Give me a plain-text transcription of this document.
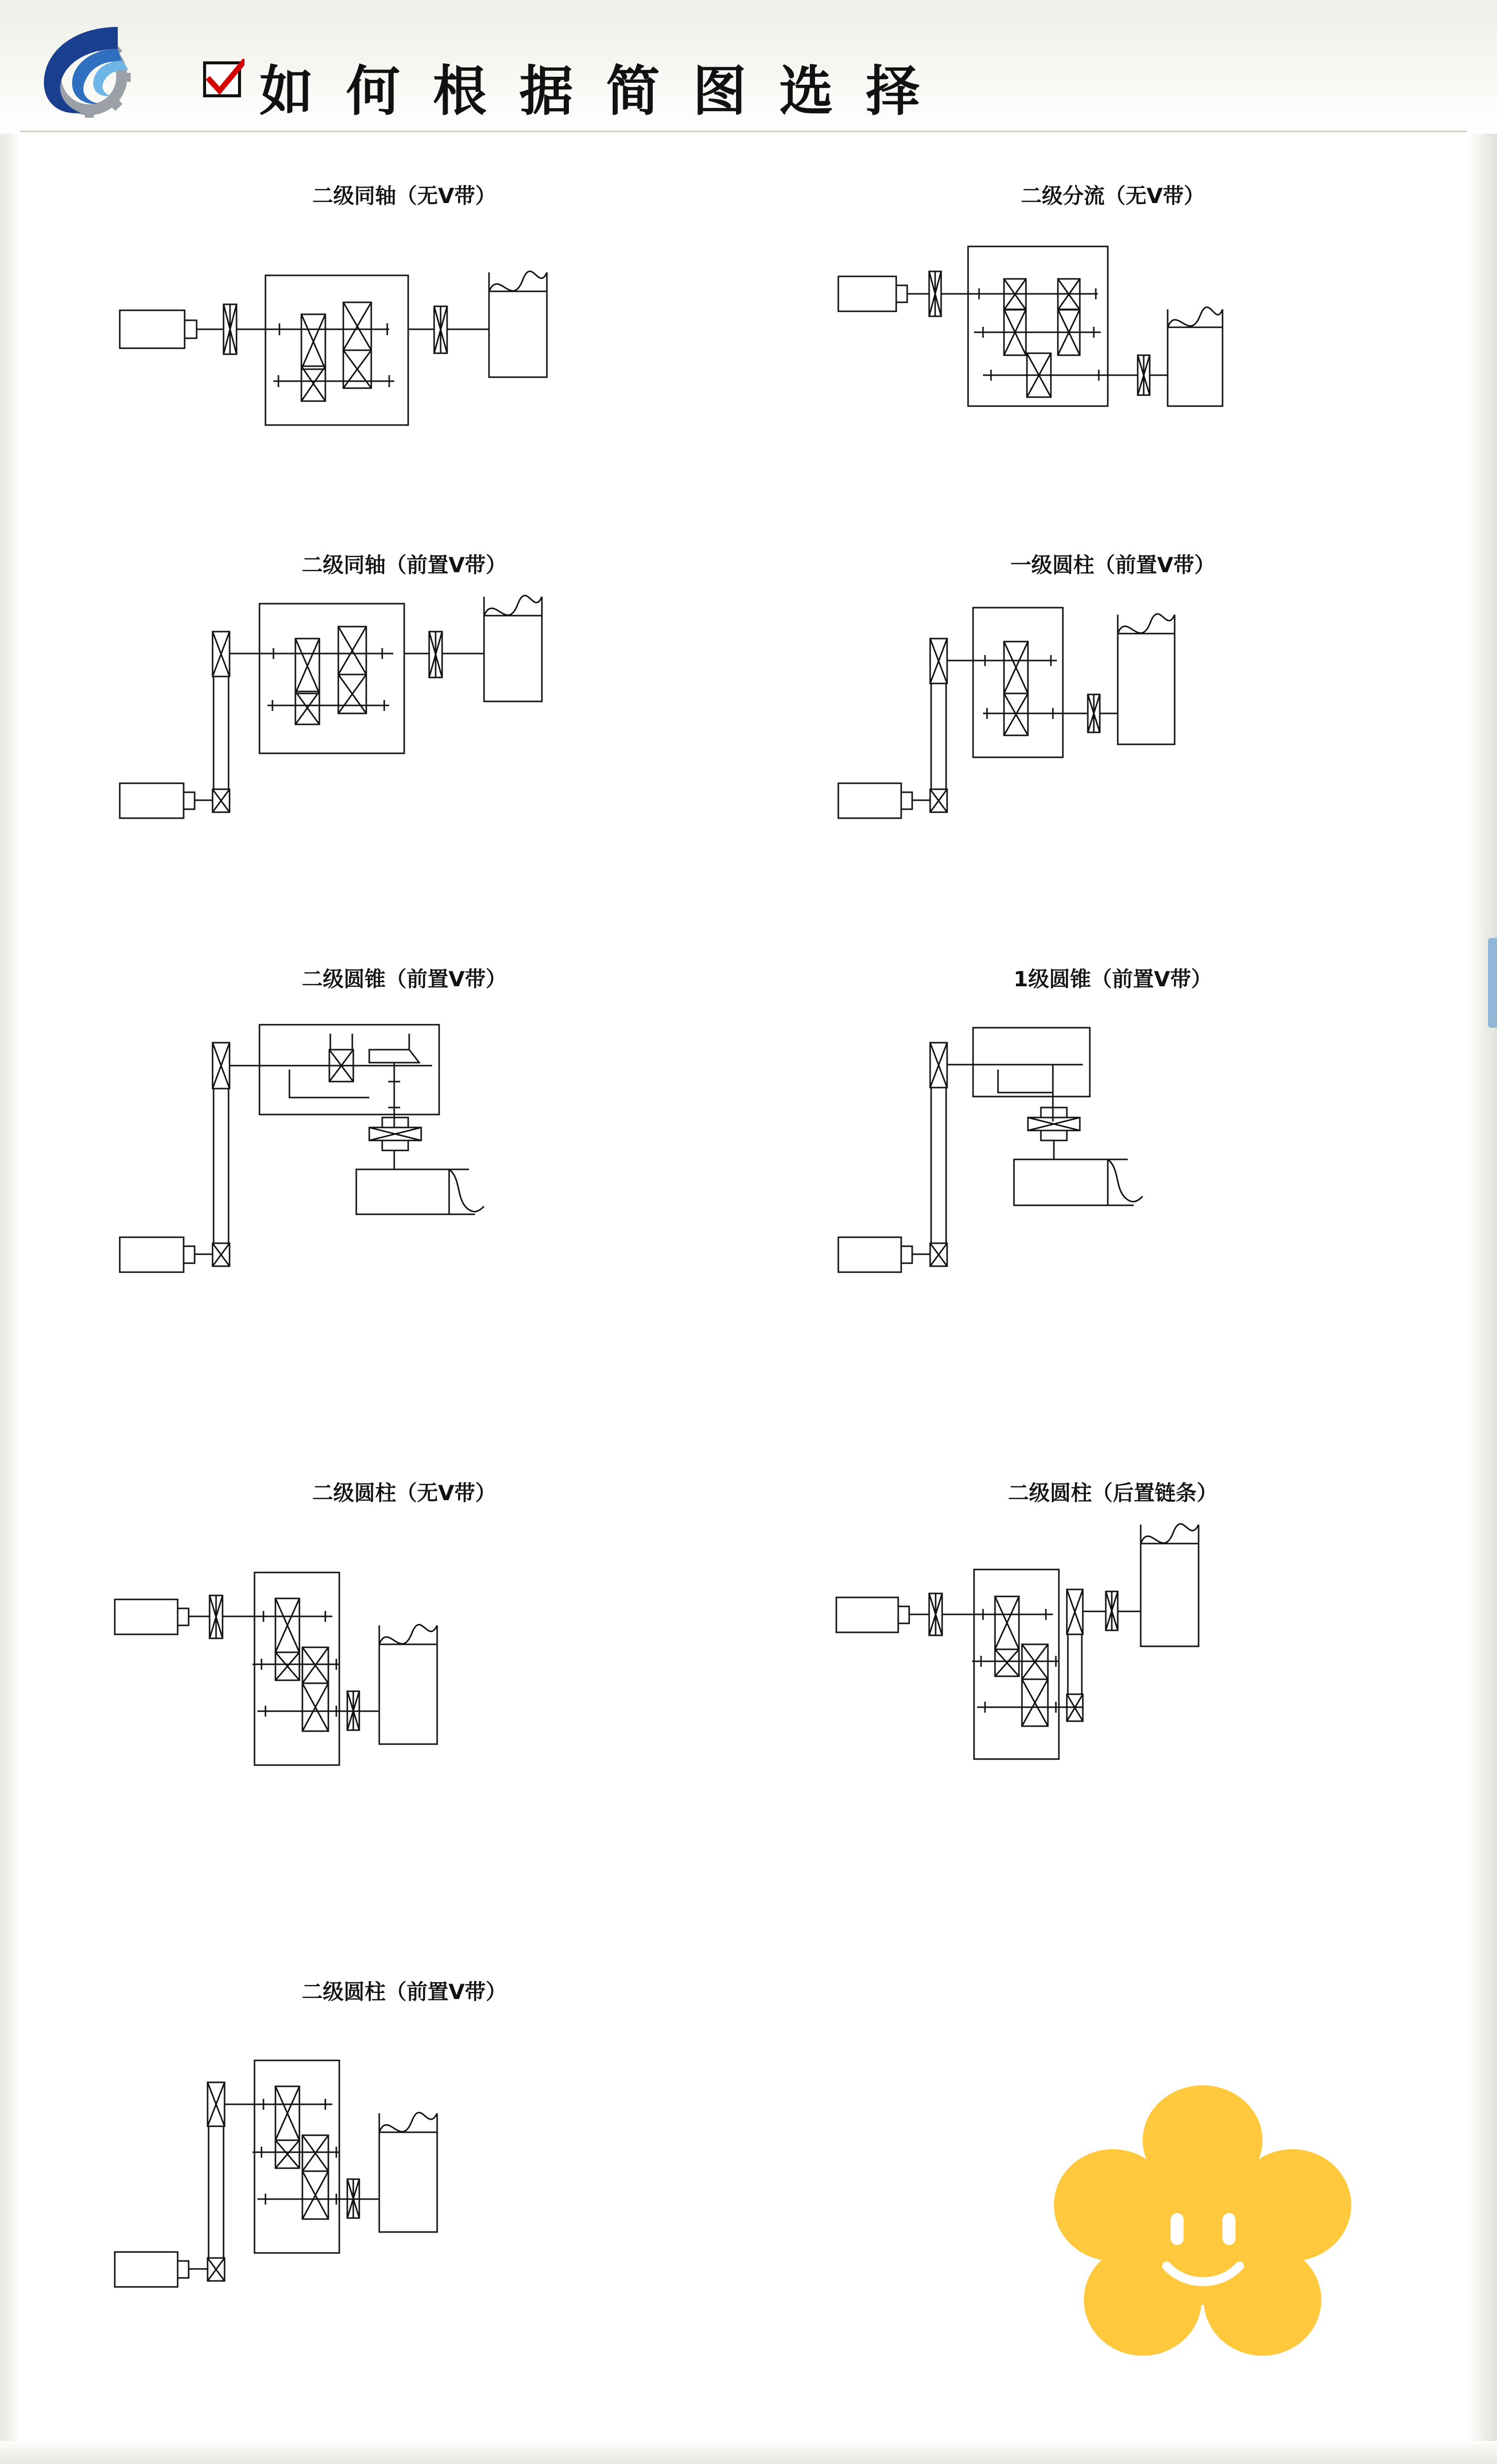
如 何 根 据 简 图 选 择
二级同轴（无V带）	二级分流（无V带）
二级同轴（前置V带）	一级圆柱（前置V带）
二级圆锥（前置V带）	1级圆锥（前置V带）
二级圆柱（无V带）	二级圆柱（后置链条）
二级圆柱（前置V带）
